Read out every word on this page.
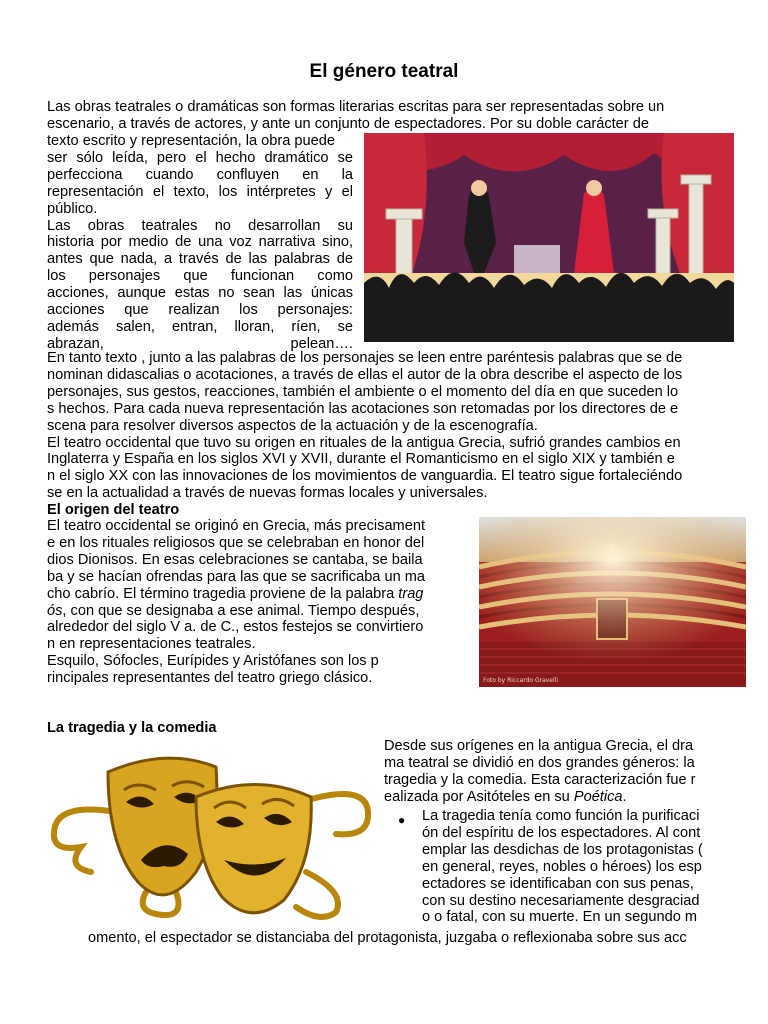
El género teatral
Las obras teatrales o dramáticas son formas literarias escritas para ser representadas sobre un
escenario, a través de actores, y ante un conjunto de espectadores. Por su doble carácter de
texto escrito y representación, la obra puede
ser sólo leída, pero el hecho dramático se
perfecciona cuando confluyen en la
representación el texto, los intérpretes y el
público.
Las obras teatrales no desarrollan su
historia por medio de una voz narrativa sino,
antes que nada, a través de las palabras de
los personajes que funcionan como
acciones, aunque estas no sean las únicas
acciones que realizan los personajes:
además salen, entran, lloran, ríen, se
abrazan, pelean….
En tanto texto , junto a las palabras de los personajes se leen entre paréntesis palabras que se de
nominan didascalias o acotaciones, a través de ellas el autor de la obra describe el aspecto de los
personajes, sus gestos, reacciones, también el ambiente o el momento del día en que suceden lo
s hechos. Para cada nueva representación las acotaciones son retomadas por los directores de e
scena para resolver diversos aspectos de la actuación y de la escenografía.
El teatro occidental que tuvo su origen en rituales de la antigua Grecia, sufrió grandes cambios en
Inglaterra y España en los siglos XVI y XVII, durante el Romanticismo en el siglo XIX y también e
n el siglo XX con las innovaciones de los movimientos de vanguardia. El teatro sigue fortaleciéndo
se en la actualidad a través de nuevas formas locales y universales.
El origen del teatro
El teatro occidental se originó en Grecia, más precisament
e en los rituales religiosos que se celebraban en honor del
dios Dionisos. En esas celebraciones se cantaba, se baila
ba y se hacían ofrendas para las que se sacrificaba un ma
cho cabrío. El término tragedia proviene de la palabra trag
ós, con que se designaba a ese animal. Tiempo después,
alrededor del siglo V a. de C., estos festejos se convirtiero
n en representaciones teatrales.
Esquilo, Sófocles, Eurípides y Aristófanes son los p
rincipales representantes del teatro griego clásico.	Foto by Riccardo Gravelli
La tragedia y la comedia
Desde sus orígenes en la antigua Grecia, el dra
ma teatral se dividió en dos grandes géneros: la
tragedia y la comedia. Esta caracterización fue r
ealizada por Asitóteles en su Poética.
● La tragedia tenía como función la purificaci
ón del espíritu de los espectadores. Al cont
emplar las desdichas de los protagonistas (
en general, reyes, nobles o héroes) los esp
ectadores se identificaban con sus penas,
con su destino necesariamente desgraciad
o o fatal, con su muerte. En un segundo m
omento, el espectador se distanciaba del protagonista, juzgaba o reflexionaba sobre sus acc
